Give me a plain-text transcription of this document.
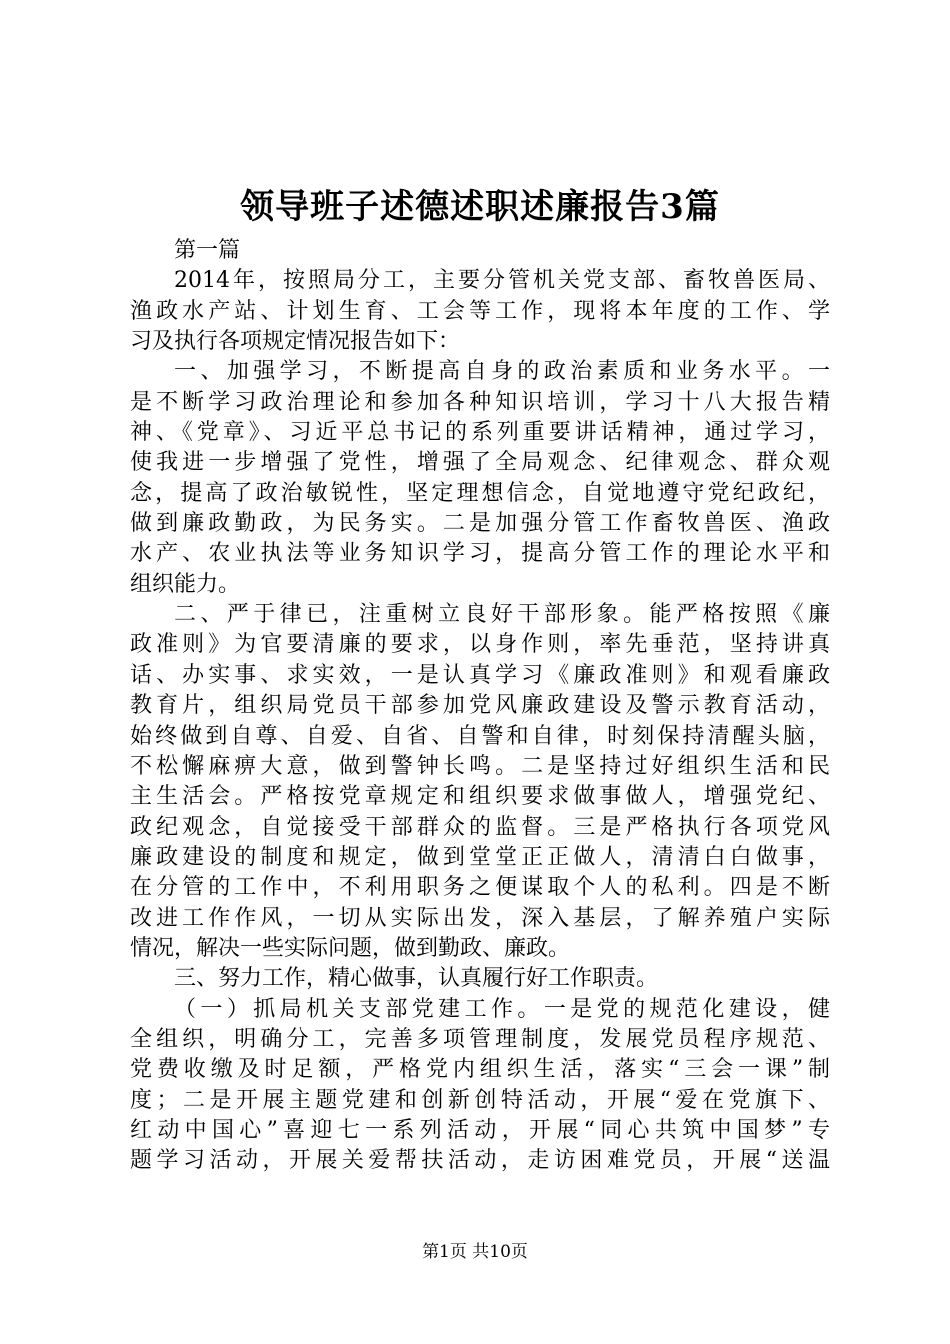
领导班子述德述职述廉报告3篇
第一篇
2014年，按照局分工，主要分管机关党支部、畜牧兽医局、
渔政水产站、计划生育、工会等工作，现将本年度的工作、学
习及执行各项规定情况报告如下：
一、加强学习，不断提高自身的政治素质和业务水平。一
是不断学习政治理论和参加各种知识培训，学习十八大报告精
神、《党章》、习近平总书记的系列重要讲话精神，通过学习，
使我进一步增强了党性，增强了全局观念、纪律观念、群众观
念，提高了政治敏锐性，坚定理想信念，自觉地遵守党纪政纪，
做到廉政勤政，为民务实。二是加强分管工作畜牧兽医、渔政
水产、农业执法等业务知识学习，提高分管工作的理论水平和
组织能力。
二、严于律已，注重树立良好干部形象。能严格按照《廉
政准则》为官要清廉的要求，以身作则，率先垂范，坚持讲真
话、办实事、求实效，一是认真学习《廉政准则》和观看廉政
教育片，组织局党员干部参加党风廉政建设及警示教育活动，
始终做到自尊、自爱、自省、自警和自律，时刻保持清醒头脑，
不松懈麻痹大意，做到警钟长鸣。二是坚持过好组织生活和民
主生活会。严格按党章规定和组织要求做事做人，增强党纪、
政纪观念，自觉接受干部群众的监督。三是严格执行各项党风
廉政建设的制度和规定，做到堂堂正正做人，清清白白做事，
在分管的工作中，不利用职务之便谋取个人的私利。四是不断
改进工作作风，一切从实际出发，深入基层，了解养殖户实际
情况，解决一些实际问题，做到勤政、廉政。
三、努力工作，精心做事，认真履行好工作职责。
（一）抓局机关支部党建工作。一是党的规范化建设，健
全组织，明确分工，完善多项管理制度，发展党员程序规范、
党费收缴及时足额，严格党内组织生活，落实“三会一课”制
度；二是开展主题党建和创新创特活动，开展“爱在党旗下、
红动中国心”喜迎七一系列活动，开展“同心共筑中国梦”专
题学习活动，开展关爱帮扶活动，走访困难党员，开展“送温
第1页 共10页
